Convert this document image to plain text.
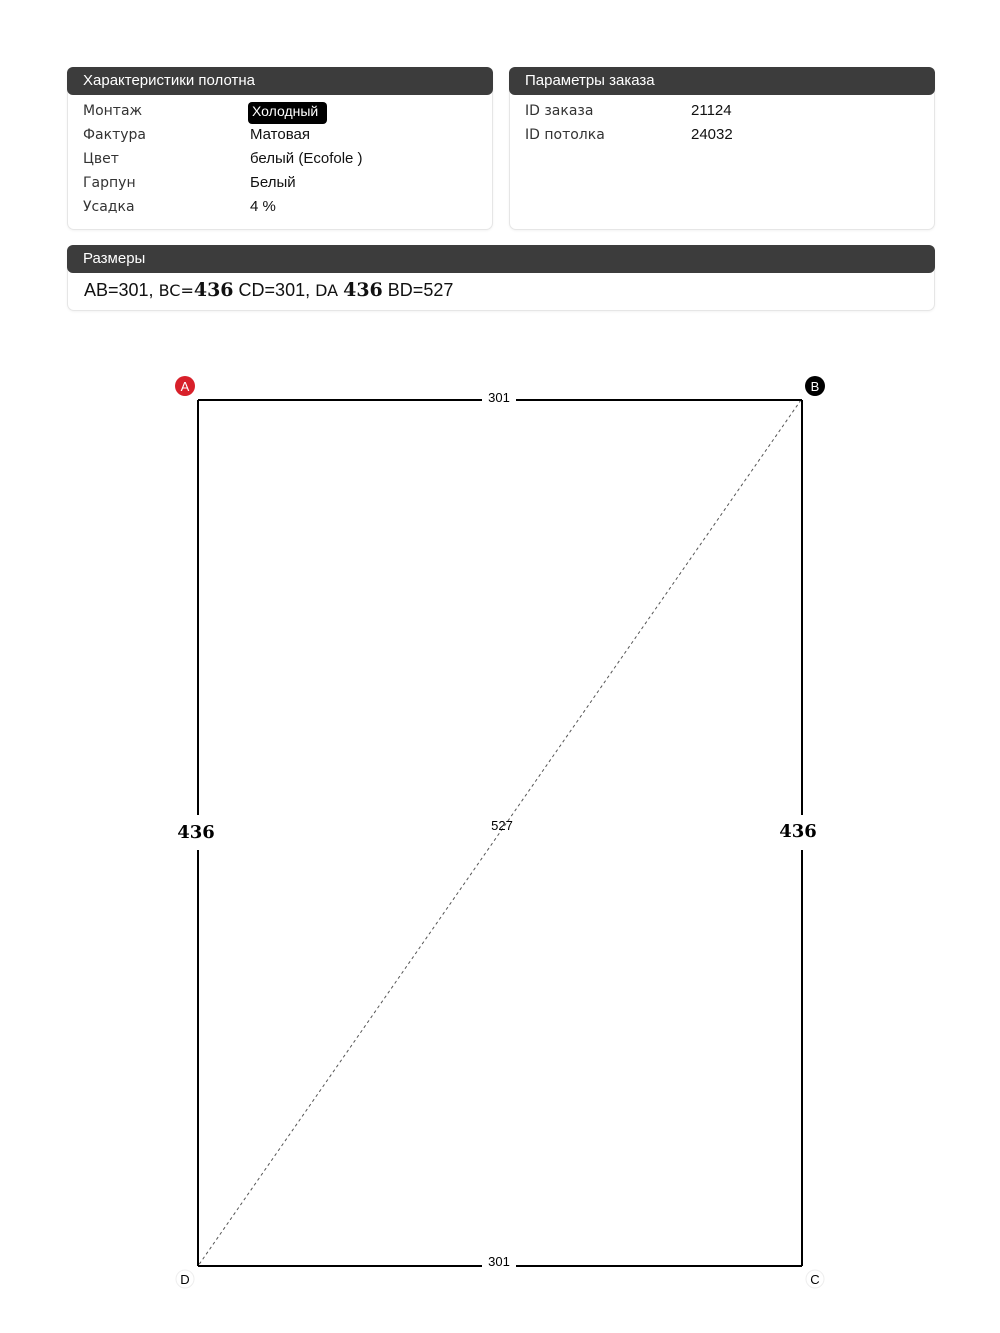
Характеристики полотна
Монтаж	Холодный
Фактура	Матовая
Цвет	белый (Ecofole )
Гарпун	Белый
Усадка	4 %
Параметры заказа
ID заказа	21124
ID потолка	24032
Размеры
AB=301, BC=436 CD=301, DA 436 BD=527
301
301
436	436
527
A	B
C
D
